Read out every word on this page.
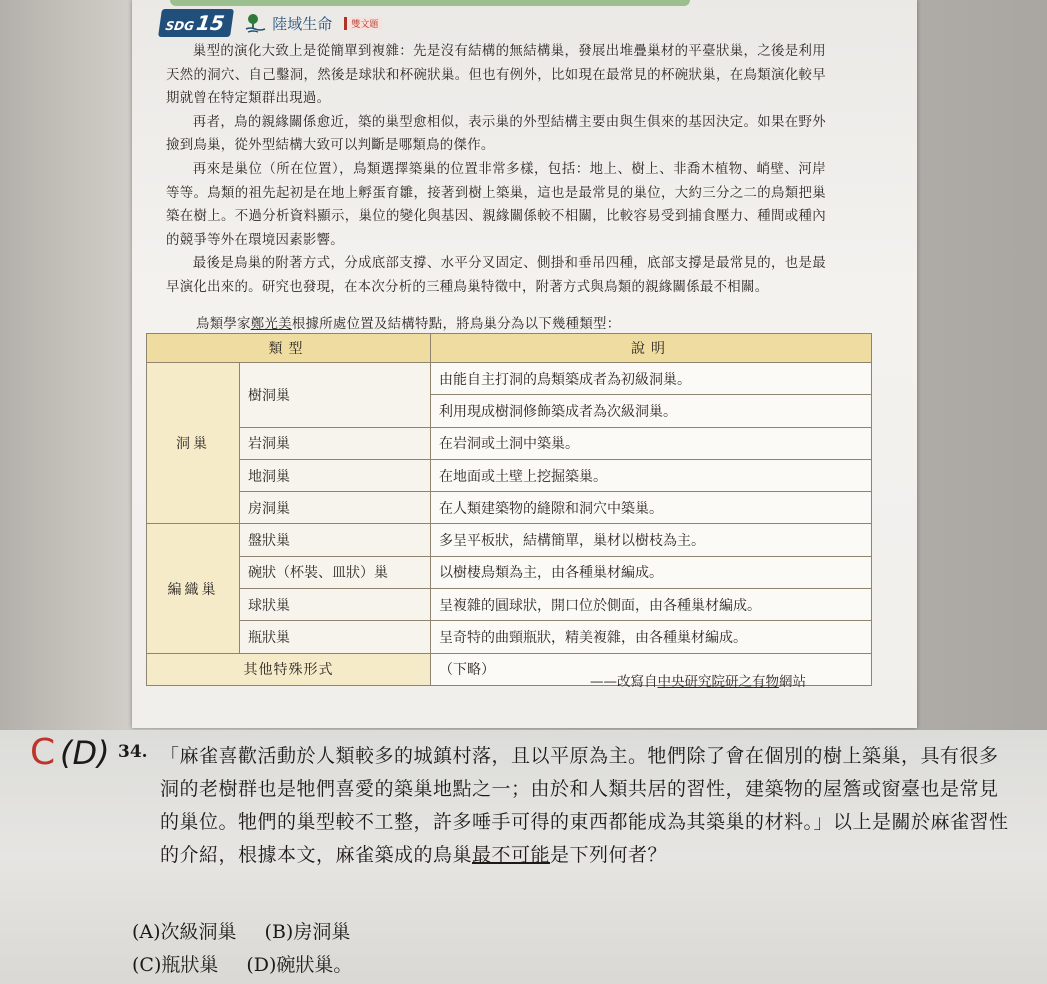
SDG 15	陸域生命	雙文題

巢型的演化大致上是從簡單到複雜：先是沒有結構的無結構巢，發展出堆疊巢材的平臺狀巢，之後是利用天然的洞穴、自己鑿洞，然後是球狀和杯碗狀巢。但也有例外，比如現在最常見的杯碗狀巢，在鳥類演化較早期就曾在特定類群出現過。

再者，鳥的親緣關係愈近，築的巢型愈相似，表示巢的外型結構主要由與生俱來的基因決定。如果在野外撿到鳥巢，從外型結構大致可以判斷是哪類鳥的傑作。

再來是巢位（所在位置），鳥類選擇築巢的位置非常多樣，包括：地上、樹上、非喬木植物、峭壁、河岸等等。鳥類的祖先起初是在地上孵蛋育雛，接著到樹上築巢，這也是最常見的巢位，大約三分之二的鳥類把巢築在樹上。不過分析資料顯示，巢位的變化與基因、親緣關係較不相關，比較容易受到捕食壓力、種間或種內的競爭等外在環境因素影響。

最後是鳥巢的附著方式，分成底部支撐、水平分叉固定、側掛和垂吊四種，底部支撐是最常見的，也是最早演化出來的。研究也發現，在本次分析的三種鳥巢特徵中，附著方式與鳥類的親緣關係最不相關。

鳥類學家鄭光美根據所處位置及結構特點，將鳥巢分為以下幾種類型：
類型		說明
洞巢	樹洞巢	由能自主打洞的鳥類築成者為初級洞巢。
		利用現成樹洞修飾築成者為次級洞巢。
	岩洞巢	在岩洞或土洞中築巢。
	地洞巢	在地面或土壁上挖掘築巢。
	房洞巢	在人類建築物的縫隙和洞穴中築巢。
編織巢	盤狀巢	多呈平板狀，結構簡單，巢材以樹枝為主。
	碗狀（杯裝、皿狀）巢	以樹棲鳥類為主，由各種巢材編成。
	球狀巢	呈複雜的圓球狀，開口位於側面，由各種巢材編成。
	瓶狀巢	呈奇特的曲頸瓶狀，精美複雜，由各種巢材編成。
其他特殊形式		（下略）
——改寫自中央研究院研之有物網站
C (D) 34. 「麻雀喜歡活動於人類較多的城鎮村落，且以平原為主。牠們除了會在個別的樹上築巢，具有很多洞的老樹群也是牠們喜愛的築巢地點之一；由於和人類共居的習性，建築物的屋簷或窗臺也是常見的巢位。牠們的巢型較不工整，許多唾手可得的東西都能成為其築巢的材料。」以上是關於麻雀習性的介紹，根據本文，麻雀築成的鳥巢最不可能是下列何者？
(A)次級洞巢 (B)房洞巢
(C)瓶狀巢 (D)碗狀巢。
